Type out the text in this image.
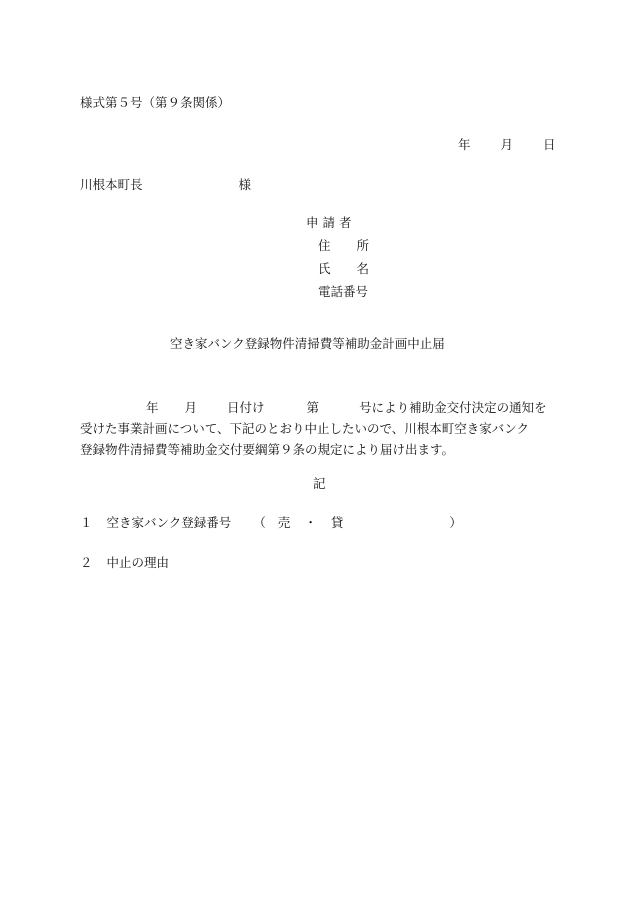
様式第５号（第９条関係）
年 月 日
川根本町長	様
申 請 者
住 所
氏 名
電話番号
空き家バンク登録物件清掃費等補助金計画中止届
年 月 日付け	第	号により補助金交付決定の通知を
受けた事業計画について、下記のとおり中止したいので、川根本町空き家バンク
登録物件清掃費等補助金交付要綱第９条の規定により届け出ます。
記
１ 空き家バンク登録番号 （ 売 ・ 貸	）
２ 中止の理由
